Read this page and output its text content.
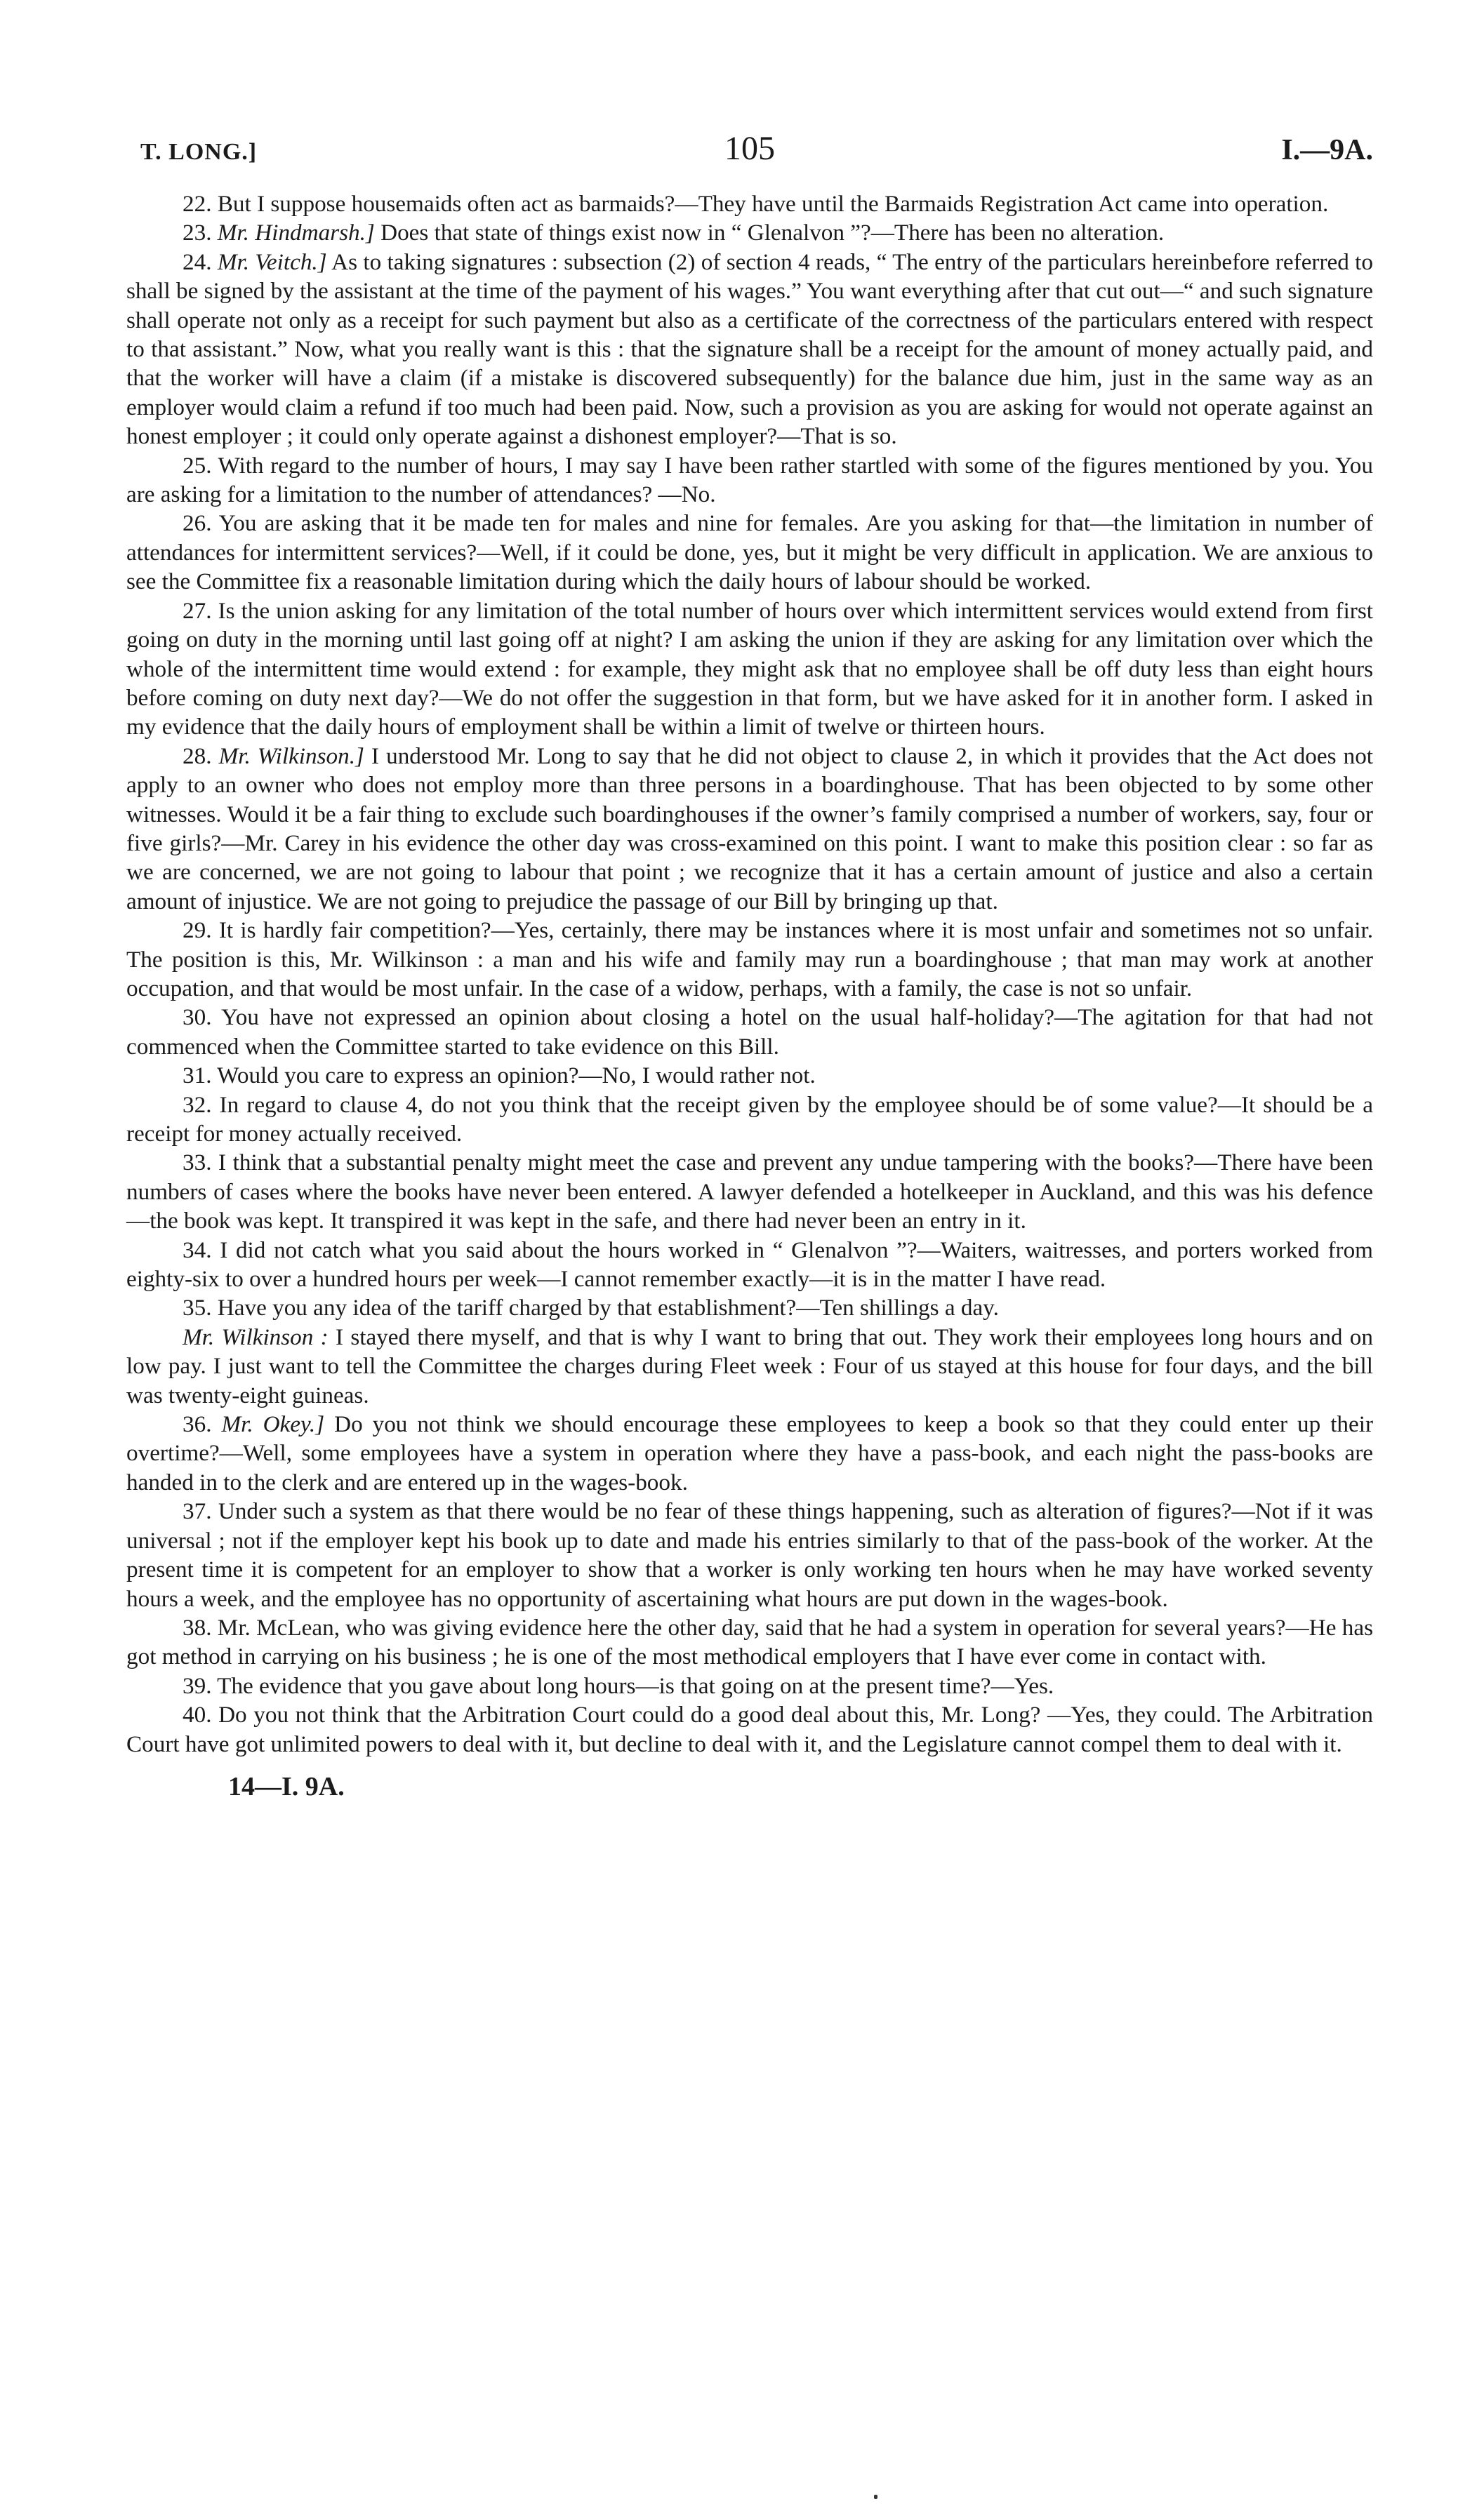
T. LONG.]	105	I.—9A.

22. But I suppose housemaids often act as barmaids?—They have until the Barmaids Registration Act came into operation.

23. Mr. Hindmarsh.] Does that state of things exist now in “ Glenalvon ”?—There has been no alteration.

24. Mr. Veitch.] As to taking signatures : subsection (2) of section 4 reads, “ The entry of the particulars hereinbefore referred to shall be signed by the assistant at the time of the payment of his wages.” You want everything after that cut out—“ and such signature shall operate not only as a receipt for such payment but also as a certificate of the correctness of the particulars entered with respect to that assistant.” Now, what you really want is this : that the signature shall be a receipt for the amount of money actually paid, and that the worker will have a claim (if a mistake is discovered subsequently) for the balance due him, just in the same way as an employer would claim a refund if too much had been paid. Now, such a provision as you are asking for would not operate against an honest employer ; it could only operate against a dishonest employer?—That is so.

25. With regard to the number of hours, I may say I have been rather startled with some of the figures mentioned by you. You are asking for a limitation to the number of attendances? —No.

26. You are asking that it be made ten for males and nine for females. Are you asking for that—the limitation in number of attendances for intermittent services?—Well, if it could be done, yes, but it might be very difficult in application. We are anxious to see the Committee fix a reasonable limitation during which the daily hours of labour should be worked.

27. Is the union asking for any limitation of the total number of hours over which intermittent services would extend from first going on duty in the morning until last going off at night? I am asking the union if they are asking for any limitation over which the whole of the intermittent time would extend : for example, they might ask that no employee shall be off duty less than eight hours before coming on duty next day?—We do not offer the suggestion in that form, but we have asked for it in another form. I asked in my evidence that the daily hours of employment shall be within a limit of twelve or thirteen hours.

28. Mr. Wilkinson.] I understood Mr. Long to say that he did not object to clause 2, in which it provides that the Act does not apply to an owner who does not employ more than three persons in a boardinghouse. That has been objected to by some other witnesses. Would it be a fair thing to exclude such boardinghouses if the owner’s family comprised a number of workers, say, four or five girls?—Mr. Carey in his evidence the other day was cross-examined on this point. I want to make this position clear : so far as we are concerned, we are not going to labour that point ; we recognize that it has a certain amount of justice and also a certain amount of injustice. We are not going to prejudice the passage of our Bill by bringing up that.

29. It is hardly fair competition?—Yes, certainly, there may be instances where it is most unfair and sometimes not so unfair. The position is this, Mr. Wilkinson : a man and his wife and family may run a boardinghouse ; that man may work at another occupation, and that would be most unfair. In the case of a widow, perhaps, with a family, the case is not so unfair.

30. You have not expressed an opinion about closing a hotel on the usual half-holiday?—The agitation for that had not commenced when the Committee started to take evidence on this Bill.

31. Would you care to express an opinion?—No, I would rather not.

32. In regard to clause 4, do not you think that the receipt given by the employee should be of some value?—It should be a receipt for money actually received.

33. I think that a substantial penalty might meet the case and prevent any undue tampering with the books?—There have been numbers of cases where the books have never been entered. A lawyer defended a hotelkeeper in Auckland, and this was his defence—the book was kept. It transpired it was kept in the safe, and there had never been an entry in it.

34. I did not catch what you said about the hours worked in “ Glenalvon ”?—Waiters, waitresses, and porters worked from eighty-six to over a hundred hours per week—I cannot remember exactly—it is in the matter I have read.

35. Have you any idea of the tariff charged by that establishment?—Ten shillings a day.

Mr. Wilkinson : I stayed there myself, and that is why I want to bring that out. They work their employees long hours and on low pay. I just want to tell the Committee the charges during Fleet week : Four of us stayed at this house for four days, and the bill was twenty-eight guineas.

36. Mr. Okey.] Do you not think we should encourage these employees to keep a book so that they could enter up their overtime?—Well, some employees have a system in operation where they have a pass-book, and each night the pass-books are handed in to the clerk and are entered up in the wages-book.

37. Under such a system as that there would be no fear of these things happening, such as alteration of figures?—Not if it was universal ; not if the employer kept his book up to date and made his entries similarly to that of the pass-book of the worker. At the present time it is competent for an employer to show that a worker is only working ten hours when he may have worked seventy hours a week, and the employee has no opportunity of ascertaining what hours are put down in the wages-book.

38. Mr. McLean, who was giving evidence here the other day, said that he had a system in operation for several years?—He has got method in carrying on his business ; he is one of the most methodical employers that I have ever come in contact with.

39. The evidence that you gave about long hours—is that going on at the present time?—Yes.

40. Do you not think that the Arbitration Court could do a good deal about this, Mr. Long? —Yes, they could. The Arbitration Court have got unlimited powers to deal with it, but decline to deal with it, and the Legislature cannot compel them to deal with it.

14—I. 9A.
